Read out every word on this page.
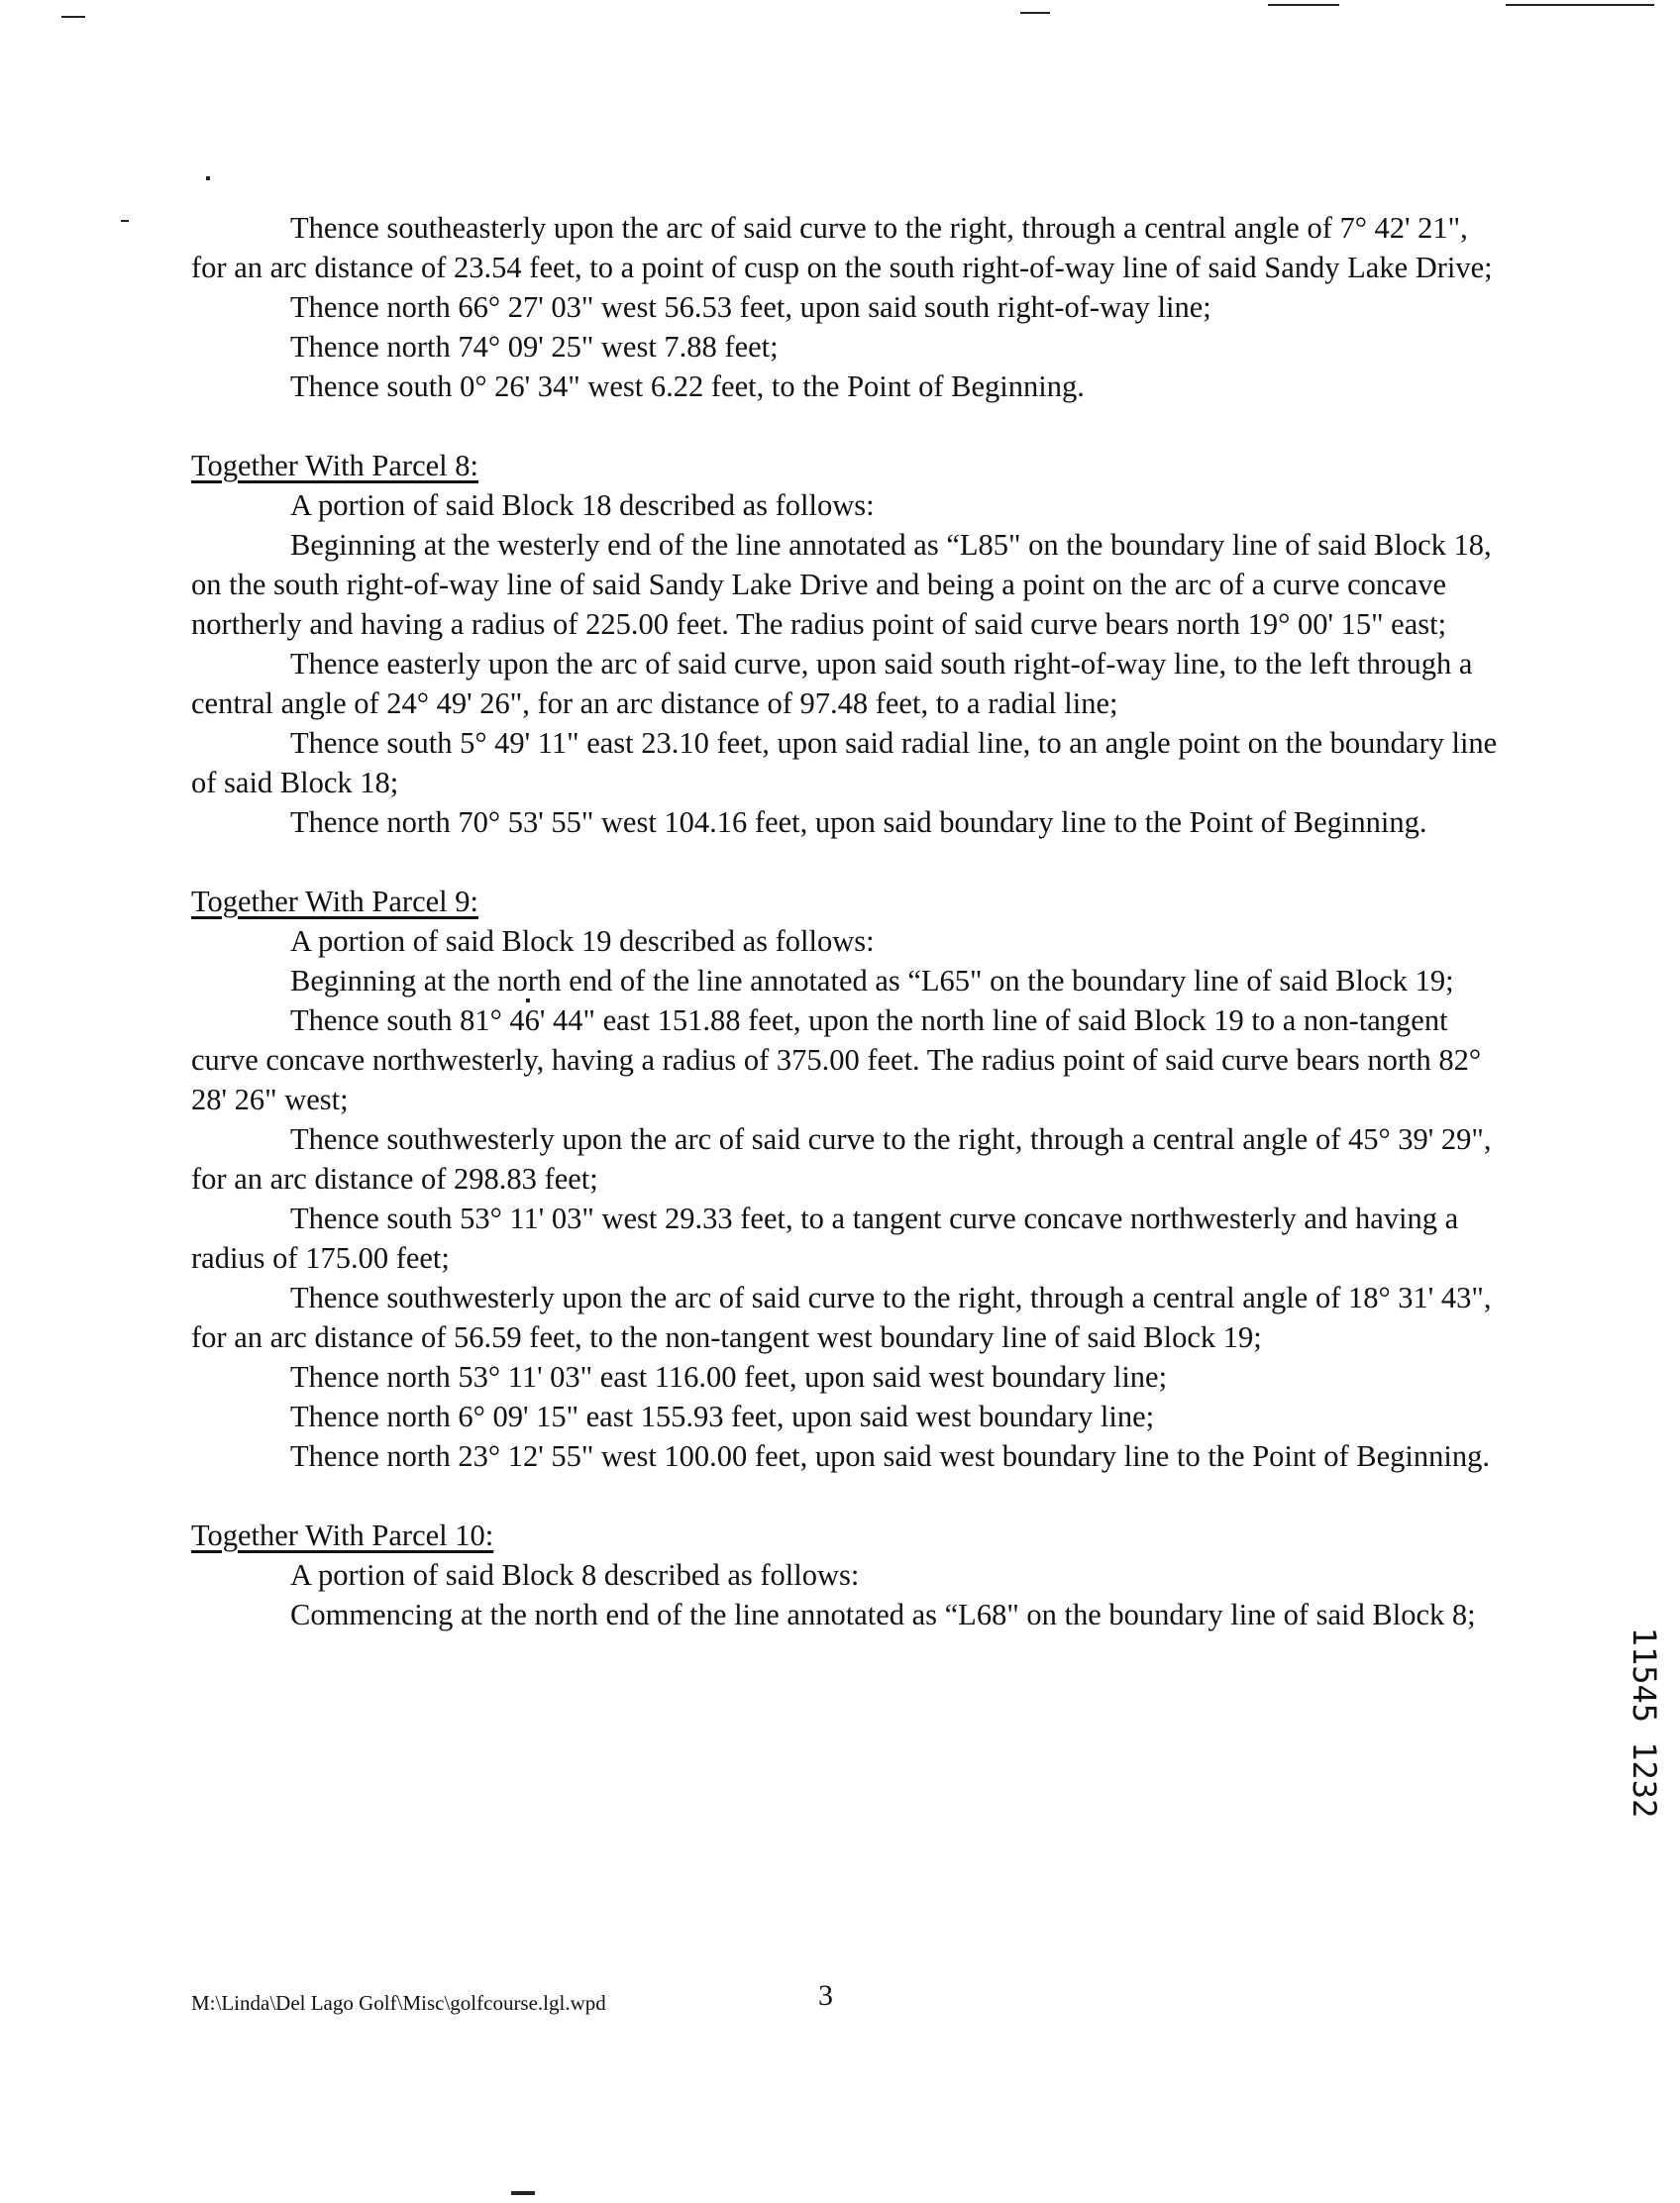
Thence southeasterly upon the arc of said curve to the right, through a central angle of 7° 42' 21", for an arc distance of 23.54 feet, to a point of cusp on the south right-of-way line of said Sandy Lake Drive;

Thence north 66° 27' 03" west 56.53 feet, upon said south right-of-way line;

Thence north 74° 09' 25" west 7.88 feet;

Thence south 0° 26' 34" west 6.22 feet, to the Point of Beginning.

Together With Parcel 8:

A portion of said Block 18 described as follows:

Beginning at the westerly end of the line annotated as “L85" on the boundary line of said Block 18, on the south right-of-way line of said Sandy Lake Drive and being a point on the arc of a curve concave northerly and having a radius of 225.00 feet. The radius point of said curve bears north 19° 00' 15" east;

Thence easterly upon the arc of said curve, upon said south right-of-way line, to the left through a central angle of 24° 49' 26", for an arc distance of 97.48 feet, to a radial line;

Thence south 5° 49' 11" east 23.10 feet, upon said radial line, to an angle point on the boundary line of said Block 18;

Thence north 70° 53' 55" west 104.16 feet, upon said boundary line to the Point of Beginning.

Together With Parcel 9:

A portion of said Block 19 described as follows:

Beginning at the north end of the line annotated as “L65" on the boundary line of said Block 19;

Thence south 81° 46' 44" east 151.88 feet, upon the north line of said Block 19 to a non-tangent curve concave northwesterly, having a radius of 375.00 feet. The radius point of said curve bears north 82° 28' 26" west;

Thence southwesterly upon the arc of said curve to the right, through a central angle of 45° 39' 29", for an arc distance of 298.83 feet;

Thence south 53° 11' 03" west 29.33 feet, to a tangent curve concave northwesterly and having a radius of 175.00 feet;

Thence southwesterly upon the arc of said curve to the right, through a central angle of 18° 31' 43", for an arc distance of 56.59 feet, to the non-tangent west boundary line of said Block 19;

Thence north 53° 11' 03" east 116.00 feet, upon said west boundary line;

Thence north 6° 09' 15" east 155.93 feet, upon said west boundary line;

Thence north 23° 12' 55" west 100.00 feet, upon said west boundary line to the Point of Beginning.

Together With Parcel 10:

A portion of said Block 8 described as follows:

Commencing at the north end of the line annotated as “L68" on the boundary line of said Block 8;

11545 1232
M:\Linda\Del Lago Golf\Misc\golfcourse.lgl.wpd	3
